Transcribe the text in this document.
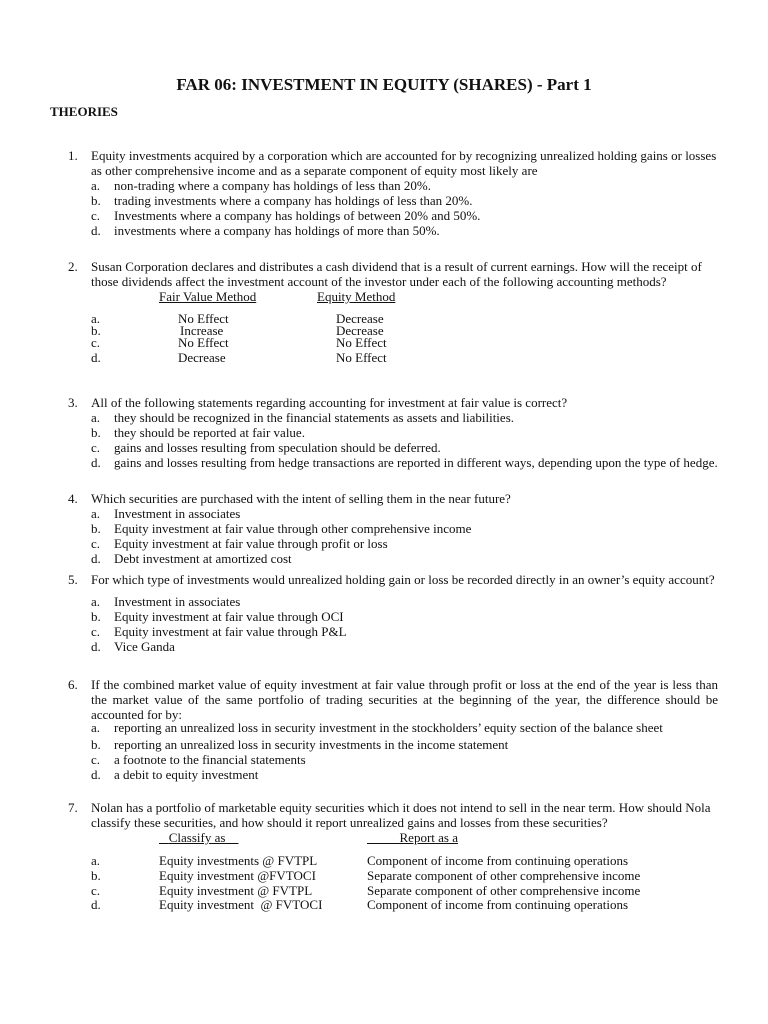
FAR 06: INVESTMENT IN EQUITY (SHARES) - Part 1
THEORIES
1.	Equity investments acquired by a corporation which are accounted for by recognizing unrealized holding gains or losses as other comprehensive income and as a separate component of equity most likely are
a. non-trading where a company has holdings of less than 20%.
b. trading investments where a company has holdings of less than 20%.
c. Investments where a company has holdings of between 20% and 50%.
d. investments where a company has holdings of more than 50%.
2.	Susan Corporation declares and distributes a cash dividend that is a result of current earnings. How will the receipt of those dividends affect the investment account of the investor under each of the following accounting methods?
Fair Value Method	Equity Method
a.	No Effect	Decrease
b.	Increase	Decrease
c.	No Effect	No Effect
d.	Decrease	No Effect
3.	All of the following statements regarding accounting for investment at fair value is correct?
a. they should be recognized in the financial statements as assets and liabilities.
b. they should be reported at fair value.
c. gains and losses resulting from speculation should be deferred.
d. gains and losses resulting from hedge transactions are reported in different ways, depending upon the type of hedge.
4.	Which securities are purchased with the intent of selling them in the near future?
a. Investment in associates
b. Equity investment at fair value through other comprehensive income
c. Equity investment at fair value through profit or loss
d. Debt investment at amortized cost
5.	For which type of investments would unrealized holding gain or loss be recorded directly in an owner’s equity account?
a. Investment in associates
b. Equity investment at fair value through OCI
c. Equity investment at fair value through P&L
d. Vice Ganda
6.	If the combined market value of equity investment at fair value through profit or loss at the end of the year is less than the market value of the same portfolio of trading securities at the beginning of the year, the difference should be accounted for by:
a. reporting an unrealized loss in security investment in the stockholders’ equity section of the balance sheet
b. reporting an unrealized loss in security investments in the income statement
c. a footnote to the financial statements
d. a debit to equity investment
7.	Nolan has a portfolio of marketable equity securities which it does not intend to sell in the near term. How should Nola classify these securities, and how should it report unrealized gains and losses from these securities?
Classify as	Report as a
a.	Equity investments @ FVTPL	Component of income from continuing operations
b.	Equity investment @FVTOCI	Separate component of other comprehensive income
c.	Equity investment @ FVTPL	Separate component of other comprehensive income
d.	Equity investment  @ FVTOCI	Component of income from continuing operations
